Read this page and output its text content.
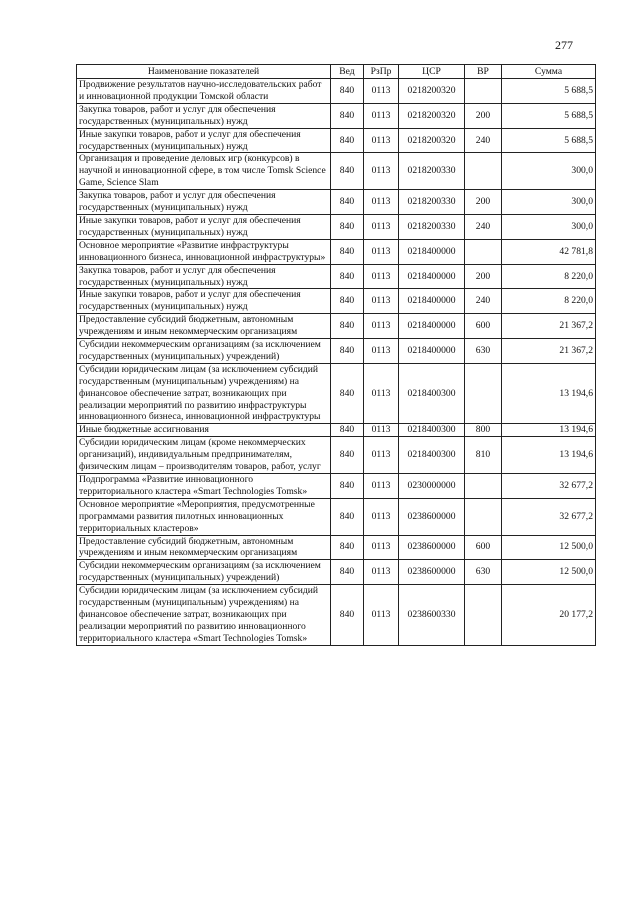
277
Наименование показателей	Вед	РзПр	ЦСР	ВР	Сумма
Продвижение результатов научно-исследовательских работ и инновационной продукции Томской области	840	0113	0218200320		5 688,5
Закупка товаров, работ и услуг для обеспечения государственных (муниципальных) нужд	840	0113	0218200320	200	5 688,5
Иные закупки товаров, работ и услуг для обеспечения государственных (муниципальных) нужд	840	0113	0218200320	240	5 688,5
Организация и проведение деловых игр (конкурсов) в научной и инновационной сфере, в том числе Tomsk Science Game, Science Slam	840	0113	0218200330		300,0
Закупка товаров, работ и услуг для обеспечения государственных (муниципальных) нужд	840	0113	0218200330	200	300,0
Иные закупки товаров, работ и услуг для обеспечения государственных (муниципальных) нужд	840	0113	0218200330	240	300,0
Основное мероприятие «Развитие инфраструктуры инновационного бизнеса, инновационной инфраструктуры»	840	0113	0218400000		42 781,8
Закупка товаров, работ и услуг для обеспечения государственных (муниципальных) нужд	840	0113	0218400000	200	8 220,0
Иные закупки товаров, работ и услуг для обеспечения государственных (муниципальных) нужд	840	0113	0218400000	240	8 220,0
Предоставление субсидий бюджетным, автономным учреждениям и иным некоммерческим организациям	840	0113	0218400000	600	21 367,2
Субсидии некоммерческим организациям (за исключением государственных (муниципальных) учреждений)	840	0113	0218400000	630	21 367,2
Субсидии юридическим лицам (за исключением субсидий государственным (муниципальным) учреждениям) на финансовое обеспечение затрат, возникающих при реализации мероприятий по развитию инфраструктуры инновационного бизнеса, инновационной инфраструктуры	840	0113	0218400300		13 194,6
Иные бюджетные ассигнования	840	0113	0218400300	800	13 194,6
Субсидии юридическим лицам (кроме некоммерческих организаций), индивидуальным предпринимателям, физическим лицам – производителям товаров, работ, услуг	840	0113	0218400300	810	13 194,6
Подпрограмма «Развитие инновационного территориального кластера «Smart Technologies Tomsk»	840	0113	0230000000		32 677,2
Основное мероприятие «Мероприятия, предусмотренные программами развития пилотных инновационных территориальных кластеров»	840	0113	0238600000		32 677,2
Предоставление субсидий бюджетным, автономным учреждениям и иным некоммерческим организациям	840	0113	0238600000	600	12 500,0
Субсидии некоммерческим организациям (за исключением государственных (муниципальных) учреждений)	840	0113	0238600000	630	12 500,0
Субсидии юридическим лицам (за исключением субсидий государственным (муниципальным) учреждениям) на финансовое обеспечение затрат, возникающих при реализации мероприятий по развитию инновационного территориального кластера «Smart Technologies Tomsk»	840	0113	0238600330		20 177,2
